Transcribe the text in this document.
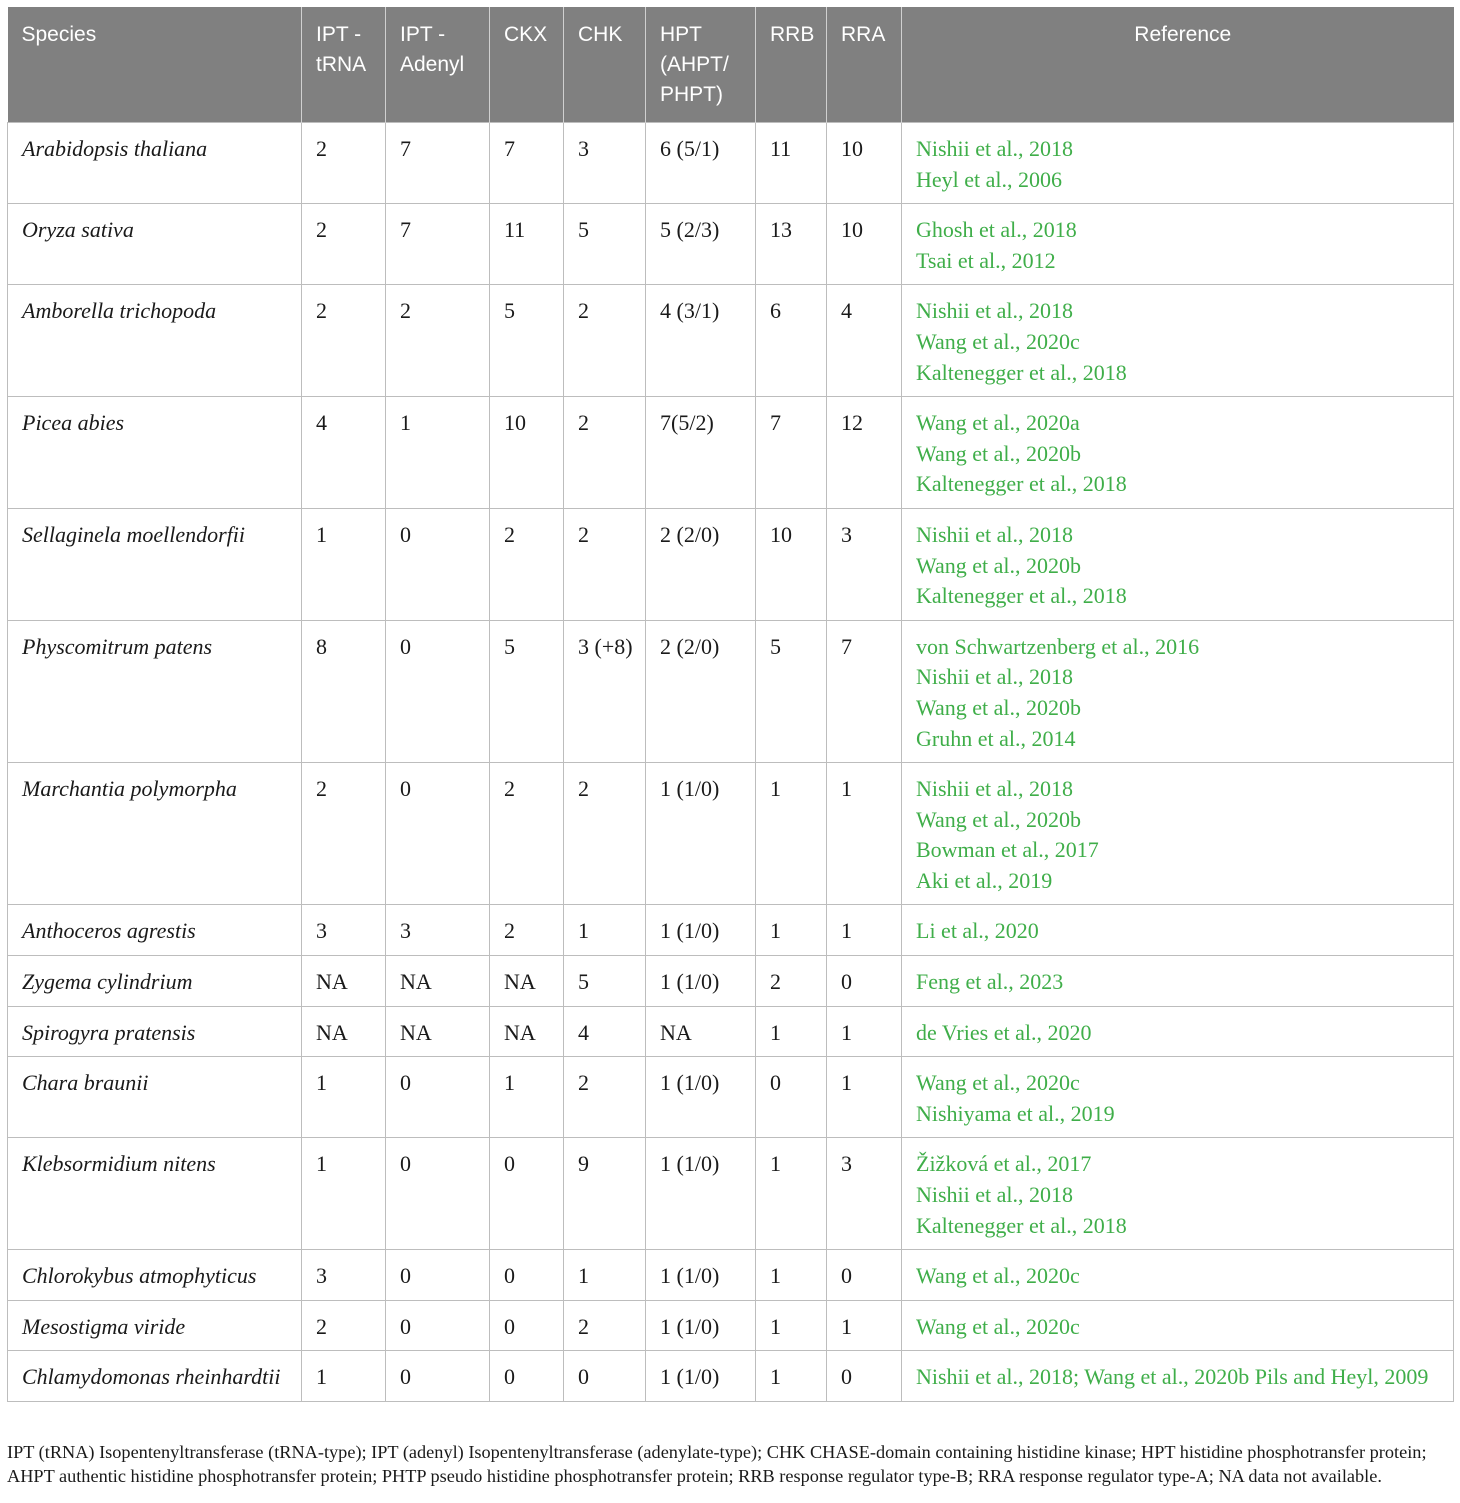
Species	IPT - tRNA	IPT - Adenyl	CKX	CHK	HPT (AHPT/ PHPT)	RRB	RRA	Reference
Arabidopsis thaliana	2	7	7	3	6 (5/1)	11	10	Nishii et al., 2018
Heyl et al., 2006

Oryza sativa	2	7	11	5	5 (2/3)	13	10	Ghosh et al., 2018
Tsai et al., 2012

Amborella trichopoda	2	2	5	2	4 (3/1)	6	4	Nishii et al., 2018
Wang et al., 2020c
Kaltenegger et al., 2018

Picea abies	4	1	10	2	7(5/2)	7	12	Wang et al., 2020a
Wang et al., 2020b
Kaltenegger et al., 2018

Sellaginela moellendorfii	1	0	2	2	2 (2/0)	10	3	Nishii et al., 2018
Wang et al., 2020b
Kaltenegger et al., 2018

Physcomitrum patens	8	0	5	3 (+8)	2 (2/0)	5	7	von Schwartzenberg et al., 2016
Nishii et al., 2018
Wang et al., 2020b
Gruhn et al., 2014

Marchantia polymorpha	2	0	2	2	1 (1/0)	1	1	Nishii et al., 2018
Wang et al., 2020b
Bowman et al., 2017
Aki et al., 2019

Anthoceros agrestis	3	3	2	1	1 (1/0)	1	1	Li et al., 2020

Zygema cylindrium	NA	NA	NA	5	1 (1/0)	2	0	Feng et al., 2023

Spirogyra pratensis	NA	NA	NA	4	NA	1	1	de Vries et al., 2020

Chara braunii	1	0	1	2	1 (1/0)	0	1	Wang et al., 2020c
Nishiyama et al., 2019

Klebsormidium nitens	1	0	0	9	1 (1/0)	1	3	Žižková et al., 2017
Nishii et al., 2018
Kaltenegger et al., 2018

Chlorokybus atmophyticus	3	0	0	1	1 (1/0)	1	0	Wang et al., 2020c

Mesostigma viride	2	0	0	2	1 (1/0)	1	1	Wang et al., 2020c

Chlamydomonas rheinhardtii	1	0	0	0	1 (1/0)	1	0	Nishii et al., 2018; Wang et al., 2020b Pils and Heyl, 2009
IPT (tRNA) Isopentenyltransferase (tRNA-type); IPT (adenyl) Isopentenyltransferase (adenylate-type); CHK CHASE-domain containing histidine kinase; HPT histidine phosphotransfer protein; AHPT authentic histidine phosphotransfer protein; PHTP pseudo histidine phosphotransfer protein; RRB response regulator type-B; RRA response regulator type-A; NA data not available.
